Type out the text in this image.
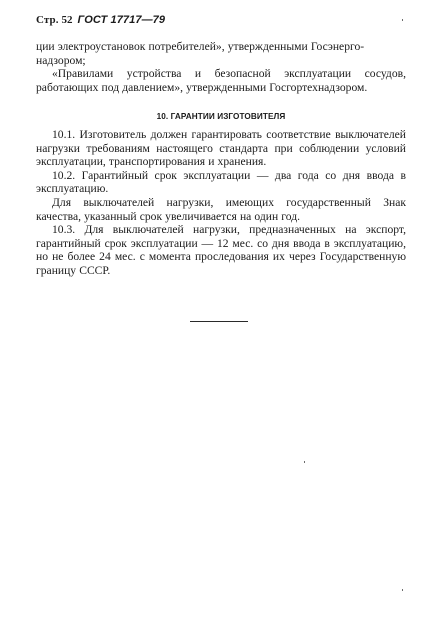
Стр. 52 ГОСТ 17717—79

ции электроустановок потребителей», утвержденными Госэнерго-

надзором;

«Правилами устройства и безопасной эксплуатации сосудов, работающих под давлением», утвержденными Госгортехнадзором.

10. ГАРАНТИИ ИЗГОТОВИТЕЛЯ

10.1. Изготовитель должен гарантировать соответствие выключателей нагрузки требованиям настоящего стандарта при соблюдении условий эксплуатации, транспортирования и хранения.

10.2. Гарантийный срок эксплуатации — два года со дня ввода в эксплуатацию.

Для выключателей нагрузки, имеющих государственный Знак качества, указанный срок увеличивается на один год.

10.3. Для выключателей нагрузки, предназначенных на экспорт, гарантийный срок эксплуатации — 12 мес. со дня ввода в эксплуатацию, но не более 24 мес. с момента проследования их через Государственную границу СССР.
